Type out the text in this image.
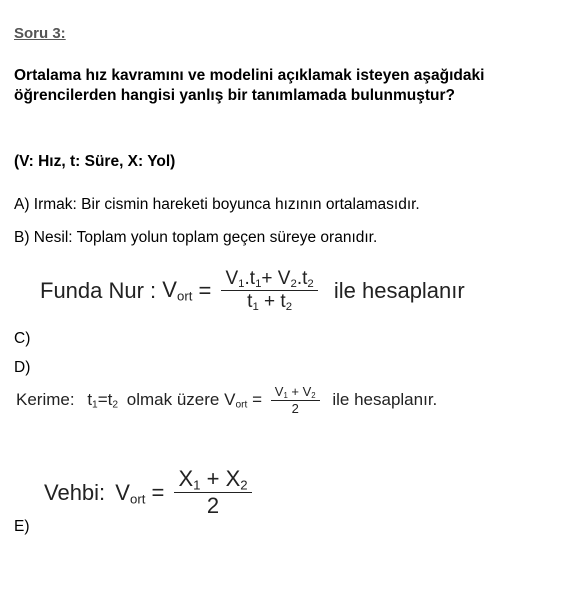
Soru 3:
Ortalama hız kavramını ve modelini açıklamak isteyen aşağıdaki öğrencilerden hangisi yanlış bir tanımlamada bulunmuştur?
(V: Hız, t: Süre, X: Yol)
A) Irmak: Bir cismin hareketi boyunca hızının ortalamasıdır.
B) Nesil: Toplam yolun toplam geçen süreye oranıdır.
Funda Nur : $V_{ort} = \frac{V_1.t_1+ V_2.t_2}{t_1 + t_2}$ ile hesaplanır
C)
D)
Kerime: $t_1=t_2$ olmak üzere $V_{ort} = \frac{V_1 + V_2}{2}$ ile hesaplanır.
Vehbi: $V_{ort} = \frac{X_1 + X_2}{2}$
E)
